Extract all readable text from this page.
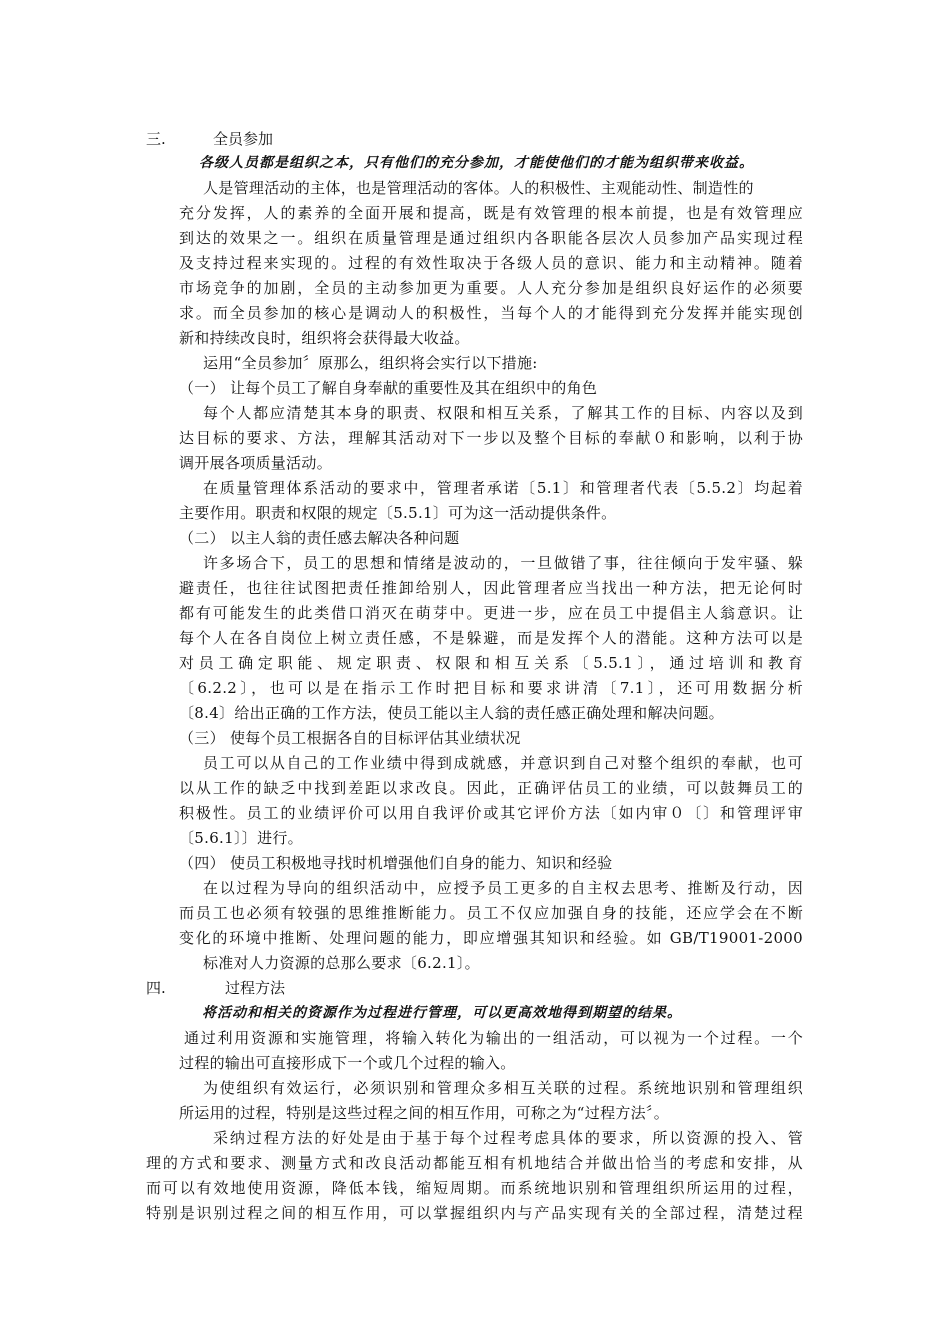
三.	全员参加
各级人员都是组织之本，只有他们的充分参加，才能使他们的才能为组织带来收益。
人是管理活动的主体，也是管理活动的客体。人的积极性、主观能动性、制造性的
充分发挥，人的素养的全面开展和提高，既是有效管理的根本前提，也是有效管理应
到达的效果之一。组织在质量管理是通过组织内各职能各层次人员参加产品实现过程
及支持过程来实现的。过程的有效性取决于各级人员的意识、能力和主动精神。随着
市场竞争的加剧，全员的主动参加更为重要。人人充分参加是组织良好运作的必须要
求。而全员参加的核心是调动人的积极性，当每个人的才能得到充分发挥并能实现创
新和持续改良时，组织将会获得最大收益。
运用“全员参加〞原那么，组织将会实行以下措施:
（一） 让每个员工了解自身奉献的重要性及其在组织中的角色
每个人都应清楚其本身的职责、权限和相互关系，了解其工作的目标、内容以及到
达目标的要求、方法，理解其活动对下一步以及整个目标的奉献０和影响，以利于协
调开展各项质量活动。
在质量管理体系活动的要求中，管理者承诺〔5.1〕和管理者代表〔5.5.2〕均起着
主要作用。职责和权限的规定〔5.5.1〕可为这一活动提供条件。
（二） 以主人翁的责任感去解决各种问题
许多场合下，员工的思想和情绪是波动的，一旦做错了事，往往倾向于发牢骚、躲
避责任，也往往试图把责任推卸给别人，因此管理者应当找出一种方法，把无论何时
都有可能发生的此类借口消灭在萌芽中。更进一步，应在员工中提倡主人翁意识。让
每个人在各自岗位上树立责任感，不是躲避，而是发挥个人的潜能。这种方法可以是
对员工确定职能、规定职责、权限和相互关系〔5.5.1〕，通过培训和教育
〔6.2.2〕，也可以是在指示工作时把目标和要求讲清〔7.1〕，还可用数据分析
〔8.4〕给出正确的工作方法，使员工能以主人翁的责任感正确处理和解决问题。
（三） 使每个员工根据各自的目标评估其业绩状况
员工可以从自己的工作业绩中得到成就感，并意识到自己对整个组织的奉献，也可
以从工作的缺乏中找到差距以求改良。因此，正确评估员工的业绩，可以鼓舞员工的
积极性。员工的业绩评价可以用自我评价或其它评价方法〔如内审０〔〕和管理评审
〔5.6.1〕〕进行。
（四） 使员工积极地寻找时机增强他们自身的能力、知识和经验
在以过程为导向的组织活动中，应授予员工更多的自主权去思考、推断及行动，因
而员工也必须有较强的思维推断能力。员工不仅应加强自身的技能，还应学会在不断
变化的环境中推断、处理问题的能力，即应增强其知识和经验。如 GB/T19001-2000
标准对人力资源的总那么要求〔6.2.1〕。
四.	过程方法
将活动和相关的资源作为过程进行管理，可以更高效地得到期望的结果。
通过利用资源和实施管理，将输入转化为输出的一组活动，可以视为一个过程。一个
过程的输出可直接形成下一个或几个过程的输入。
为使组织有效运行，必须识别和管理众多相互关联的过程。系统地识别和管理组织
所运用的过程，特别是这些过程之间的相互作用，可称之为“过程方法〞。
采纳过程方法的好处是由于基于每个过程考虑具体的要求，所以资源的投入、管
理的方式和要求、测量方式和改良活动都能互相有机地结合并做出恰当的考虑和安排，从
而可以有效地使用资源，降低本钱，缩短周期。而系统地识别和管理组织所运用的过程，
特别是识别过程之间的相互作用，可以掌握组织内与产品实现有关的全部过程，清楚过程
